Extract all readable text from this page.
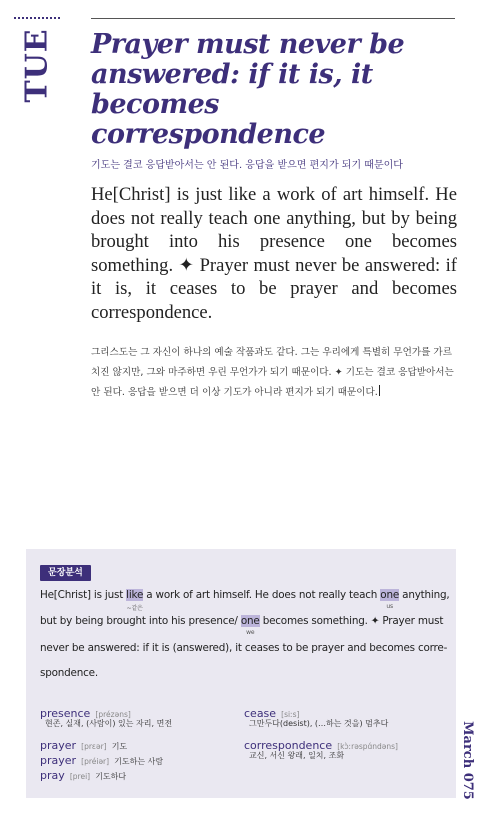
TUE Prayer must never be answered: if it is, it becomes correspondence
기도는 결코 응답받아서는 안 된다. 응답을 받으면 편지가 되기 때문이다

He[Christ] is just like a work of art himself. He does not really teach one anything, but by being brought into his presence one becomes something. ✦ Prayer must never be answered: if it is, it ceases to be prayer and becomes correspondence.

그리스도는 그 자신이 하나의 예술 작품과도 같다. 그는 우리에게 특별히 무언가를 가르치진 않지만, 그와 마주하면 우린 무언가가 되기 때문이다. ✦ 기도는 결코 응답받아서는 안 된다. 응답을 받으면 더 이상 기도가 아니라 편지가 되기 때문이다.

문장분석
He[Christ] is just like
~같은
a work of art himself. He does not really teach one
us
anything,
but by being brought into his presence/ one
we
becomes something. ✦ Prayer must
never be answered: if it is (answered), it ceases to be prayer and becomes corre-
spondence.
presence [prézəns]
현존, 실재, (사람이) 있는 자리, 면전
prayer [prɛər] 기도
prayer [préiər] 기도하는 사람
pray [prei] 기도하다
cease [siːs]
그만두다(desist), (…하는 것을) 멈추다
correspondence [kɔ̀ːrəspɑ́ndəns]
교신, 서신 왕래, 일치, 조화	March 075
